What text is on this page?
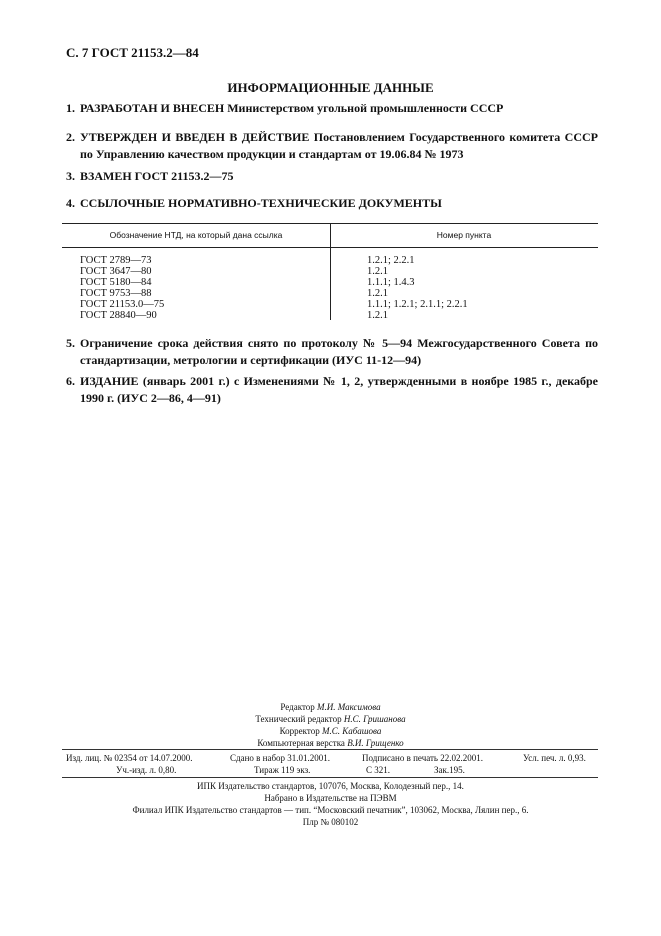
С. 7 ГОСТ 21153.2—84
ИНФОРМАЦИОННЫЕ ДАННЫЕ
1. РАЗРАБОТАН И ВНЕСЕН Министерством угольной промышленности СССР
2. УТВЕРЖДЕН И ВВЕДЕН В ДЕЙСТВИЕ Постановлением Государственного комитета СССР по Управлению качеством продукции и стандартам от 19.06.84 № 1973
3. ВЗАМЕН ГОСТ 21153.2—75
4. ССЫЛОЧНЫЕ НОРМАТИВНО-ТЕХНИЧЕСКИЕ ДОКУМЕНТЫ
Обозначение НТД, на который дана ссылка	Номер пункта
ГОСТ 2789—73	1.2.1; 2.2.1
ГОСТ 3647—80	1.2.1
ГОСТ 5180—84	1.1.1; 1.4.3
ГОСТ 9753—88	1.2.1
ГОСТ 21153.0—75	1.1.1; 1.2.1; 2.1.1; 2.2.1
ГОСТ 28840—90	1.2.1
5. Ограничение срока действия снято по протоколу № 5—94 Межгосударственного Совета по стандартизации, метрологии и сертификации (ИУС 11-12—94)
6. ИЗДАНИЕ (январь 2001 г.) с Изменениями № 1, 2, утвержденными в ноябре 1985 г., декабре 1990 г. (ИУС 2—86, 4—91)
Редактор М.И. Максимова
Технический редактор Н.С. Гришанова
Корректор М.С. Кабашова
Компьютерная верстка В.И. Грищенко
Изд. лиц. № 02354 от 14.07.2000.	Сдано в набор 31.01.2001.	Подписано в печать 22.02.2001.	Усл. печ. л. 0,93.
Уч.-изд. л. 0,80.	Тираж 119 экз.	С 321.	Зак.195.
ИПК Издательство стандартов, 107076, Москва, Колодезный пер., 14.
Набрано в Издательстве на ПЭВМ
Филиал ИПК Издательство стандартов — тип. “Московский печатник”, 103062, Москва, Лялин пер., 6.
Плр № 080102
